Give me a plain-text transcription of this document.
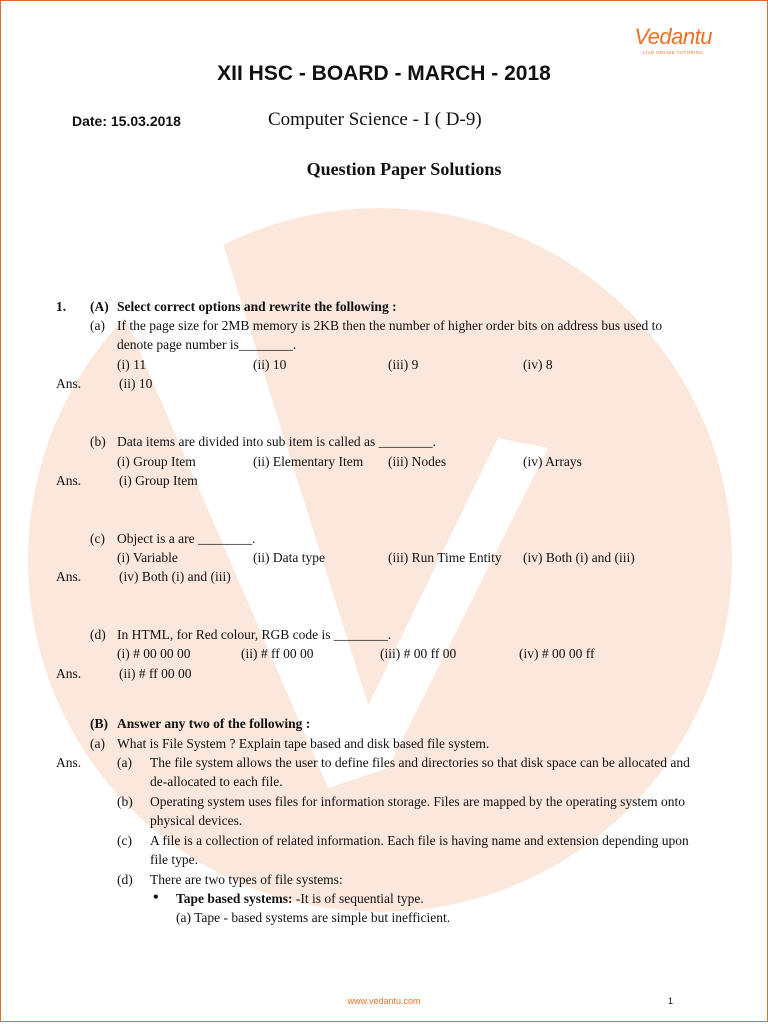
Vedantu
LIVE ONLINE TUTORING
XII HSC - BOARD - MARCH - 2018
Date: 15.03.2018	Computer Science - I ( D-9)
Question Paper Solutions
1. (A) Select correct options and rewrite the following :
(a) If the page size for 2MB memory is 2KB then the number of higher order bits on address bus used to
denote page number is________.
(i) 11	(ii) 10	(iii) 9	(iv) 8
Ans.	(ii) 10
(b) Data items are divided into sub item is called as ________.
(i) Group Item	(ii) Elementary Item (iii) Nodes	(iv) Arrays
Ans.	(i) Group Item
(c) Object is a are ________.
(i) Variable	(ii) Data type	(iii) Run Time Entity (iv) Both (i) and (iii)
Ans.	(iv) Both (i) and (iii)
(d) In HTML, for Red colour, RGB code is ________.
(i) # 00 00 00	(ii) # ff 00 00	(iii) # 00 ff 00	(iv) # 00 00 ff
Ans.	(ii) # ff 00 00
(B) Answer any two of the following :
(a) What is File System ? Explain tape based and disk based file system.
Ans.	(a) The file system allows the user to define files and directories so that disk space can be allocated and
de-allocated to each file.
(b) Operating system uses files for information storage. Files are mapped by the operating system onto
physical devices.
(c) A file is a collection of related information. Each file is having name and extension depending upon
file type.
(d) There are two types of file systems:
• Tape based systems: -It is of sequential type.
(a) Tape - based systems are simple but inefficient.
www.vedantu.com	1
